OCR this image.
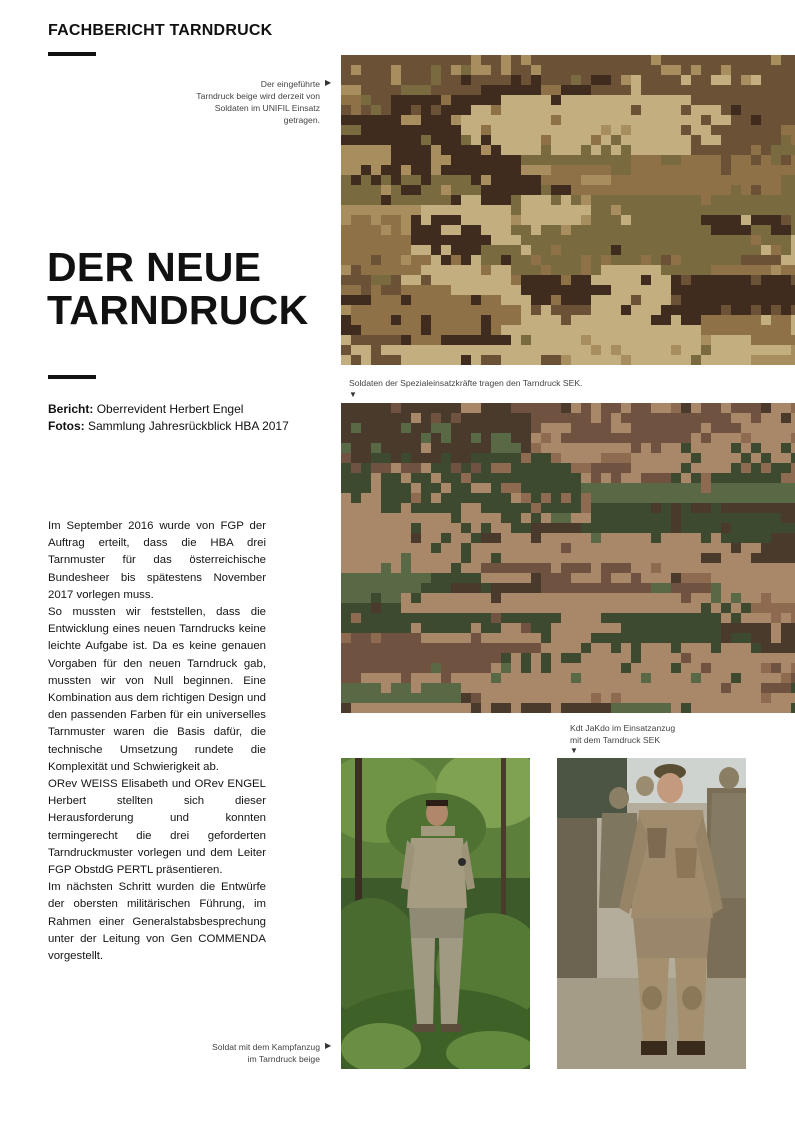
FACHBERICHT TARNDRUCK
DER NEUE
TARNDRUCK
Bericht: Oberrevident Herbert Engel
Fotos: Sammlung Jahresrückblick HBA 2017

Im September 2016 wurde von FGP der Auftrag erteilt, dass die HBA drei Tarnmuster für das österreichische Bundesheer bis spätestens November 2017 vorlegen muss.

So mussten wir feststellen, dass die Entwicklung eines neuen Tarndrucks keine leichte Aufgabe ist. Da es keine genauen Vorgaben für den neuen Tarndruck gab, mussten wir von Null beginnen. Eine Kombination aus dem richtigen Design und den passenden Farben für ein universelles Tarnmuster waren die Basis dafür, die technische Umsetzung rundete die Komplexität und Schwierigkeit ab.

ORev WEISS Elisabeth und ORev ENGEL Herbert stellten sich dieser Herausforderung und konnten termingerecht die drei geforderten Tarndruckmuster vorlegen und dem Leiter FGP ObstdG PERTL präsentieren.

Im nächsten Schritt wurden die Entwürfe der obersten militärischen Führung, im Rahmen einer Generalstabsbesprechung unter der Leitung von Gen COMMENDA vorgestellt.

Der eingeführte
Tarndruck beige wird derzeit von
Soldaten im UNIFIL Einsatz
getragen.
▶
Soldaten der Spezialeinsatzkräfte tragen den Tarndruck SEK.
▼
Kdt JaKdo im Einsatzanzug
mit dem Tarndruck SEK
▼
Soldat mit dem Kampfanzug
im Tarndruck beige
▶
